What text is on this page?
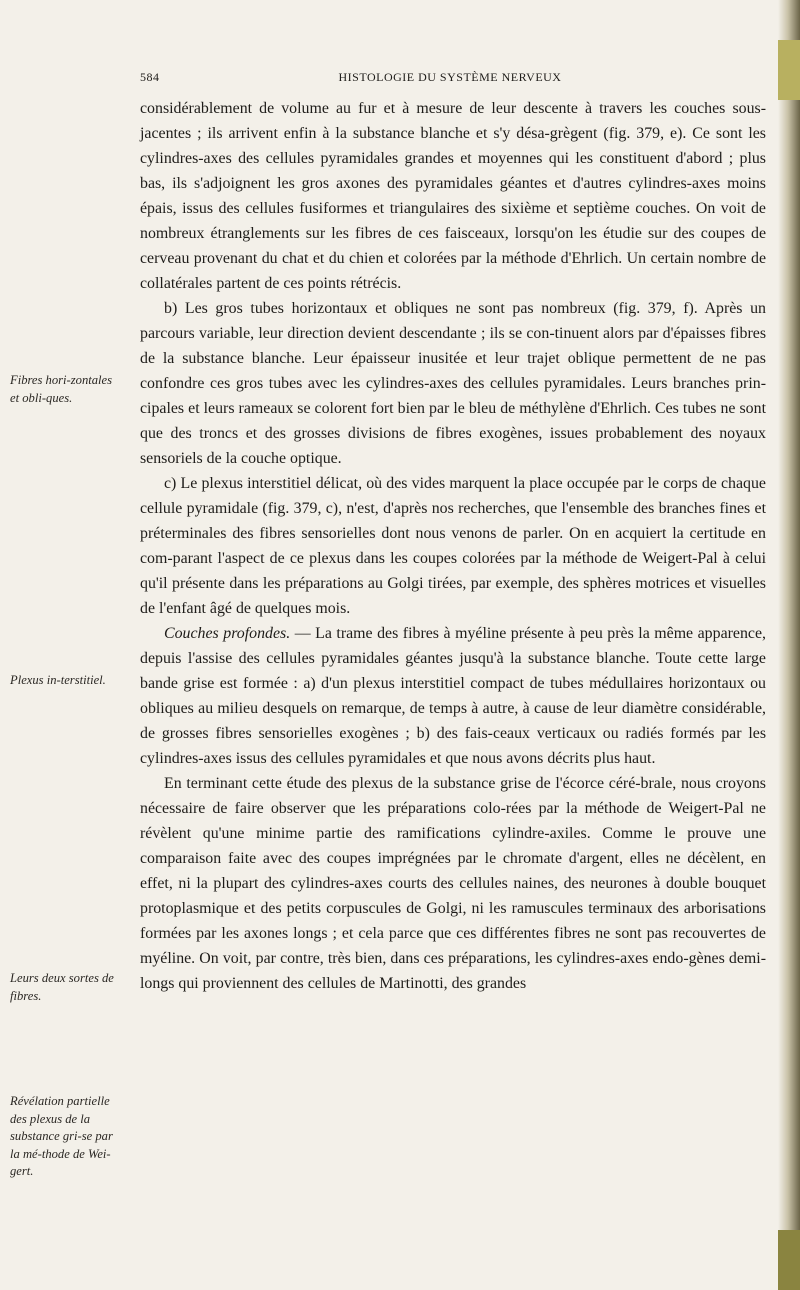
584	HISTOLOGIE DU SYSTÈME NERVEUX
Fibres hori-zontales et obli-ques.
Plexus in-terstitiel.
Leurs deux sortes de fibres.
Révélation partielle des plexus de la substance gri-se par la mé-thode de Wei-gert.

considérablement de volume au fur et à mesure de leur descente à travers les couches sous-jacentes ; ils arrivent enfin à la substance blanche et s'y désa-grègent (fig. 379, e). Ce sont les cylindres-axes des cellules pyramidales grandes et moyennes qui les constituent d'abord ; plus bas, ils s'adjoignent les gros axones des pyramidales géantes et d'autres cylindres-axes moins épais, issus des cellules fusiformes et triangulaires des sixième et septième couches. On voit de nombreux étranglements sur les fibres de ces faisceaux, lorsqu'on les étudie sur des coupes de cerveau provenant du chat et du chien et colorées par la méthode d'Ehrlich. Un certain nombre de collatérales partent de ces points rétrécis.

b) Les gros tubes horizontaux et obliques ne sont pas nombreux (fig. 379, f). Après un parcours variable, leur direction devient descendante ; ils se con-tinuent alors par d'épaisses fibres de la substance blanche. Leur épaisseur inusitée et leur trajet oblique permettent de ne pas confondre ces gros tubes avec les cylindres-axes des cellules pyramidales. Leurs branches prin-cipales et leurs rameaux se colorent fort bien par le bleu de méthylène d'Ehrlich. Ces tubes ne sont que des troncs et des grosses divisions de fibres exogènes, issues probablement des noyaux sensoriels de la couche optique.

c) Le plexus interstitiel délicat, où des vides marquent la place occupée par le corps de chaque cellule pyramidale (fig. 379, c), n'est, d'après nos recherches, que l'ensemble des branches fines et préterminales des fibres sensorielles dont nous venons de parler. On en acquiert la certitude en com-parant l'aspect de ce plexus dans les coupes colorées par la méthode de Weigert-Pal à celui qu'il présente dans les préparations au Golgi tirées, par exemple, des sphères motrices et visuelles de l'enfant âgé de quelques mois.

Couches profondes. — La trame des fibres à myéline présente à peu près la même apparence, depuis l'assise des cellules pyramidales géantes jusqu'à la substance blanche. Toute cette large bande grise est formée : a) d'un plexus interstitiel compact de tubes médullaires horizontaux ou obliques au milieu desquels on remarque, de temps à autre, à cause de leur diamètre considérable, de grosses fibres sensorielles exogènes ; b) des fais-ceaux verticaux ou radiés formés par les cylindres-axes issus des cellules pyramidales et que nous avons décrits plus haut.

En terminant cette étude des plexus de la substance grise de l'écorce céré-brale, nous croyons nécessaire de faire observer que les préparations colo-rées par la méthode de Weigert-Pal ne révèlent qu'une minime partie des ramifications cylindre-axiles. Comme le prouve une comparaison faite avec des coupes imprégnées par le chromate d'argent, elles ne décèlent, en effet, ni la plupart des cylindres-axes courts des cellules naines, des neurones à double bouquet protoplasmique et des petits corpuscules de Golgi, ni les ramuscules terminaux des arborisations formées par les axones longs ; et cela parce que ces différentes fibres ne sont pas recouvertes de myéline. On voit, par contre, très bien, dans ces préparations, les cylindres-axes endo-gènes demi-longs qui proviennent des cellules de Martinotti, des grandes
